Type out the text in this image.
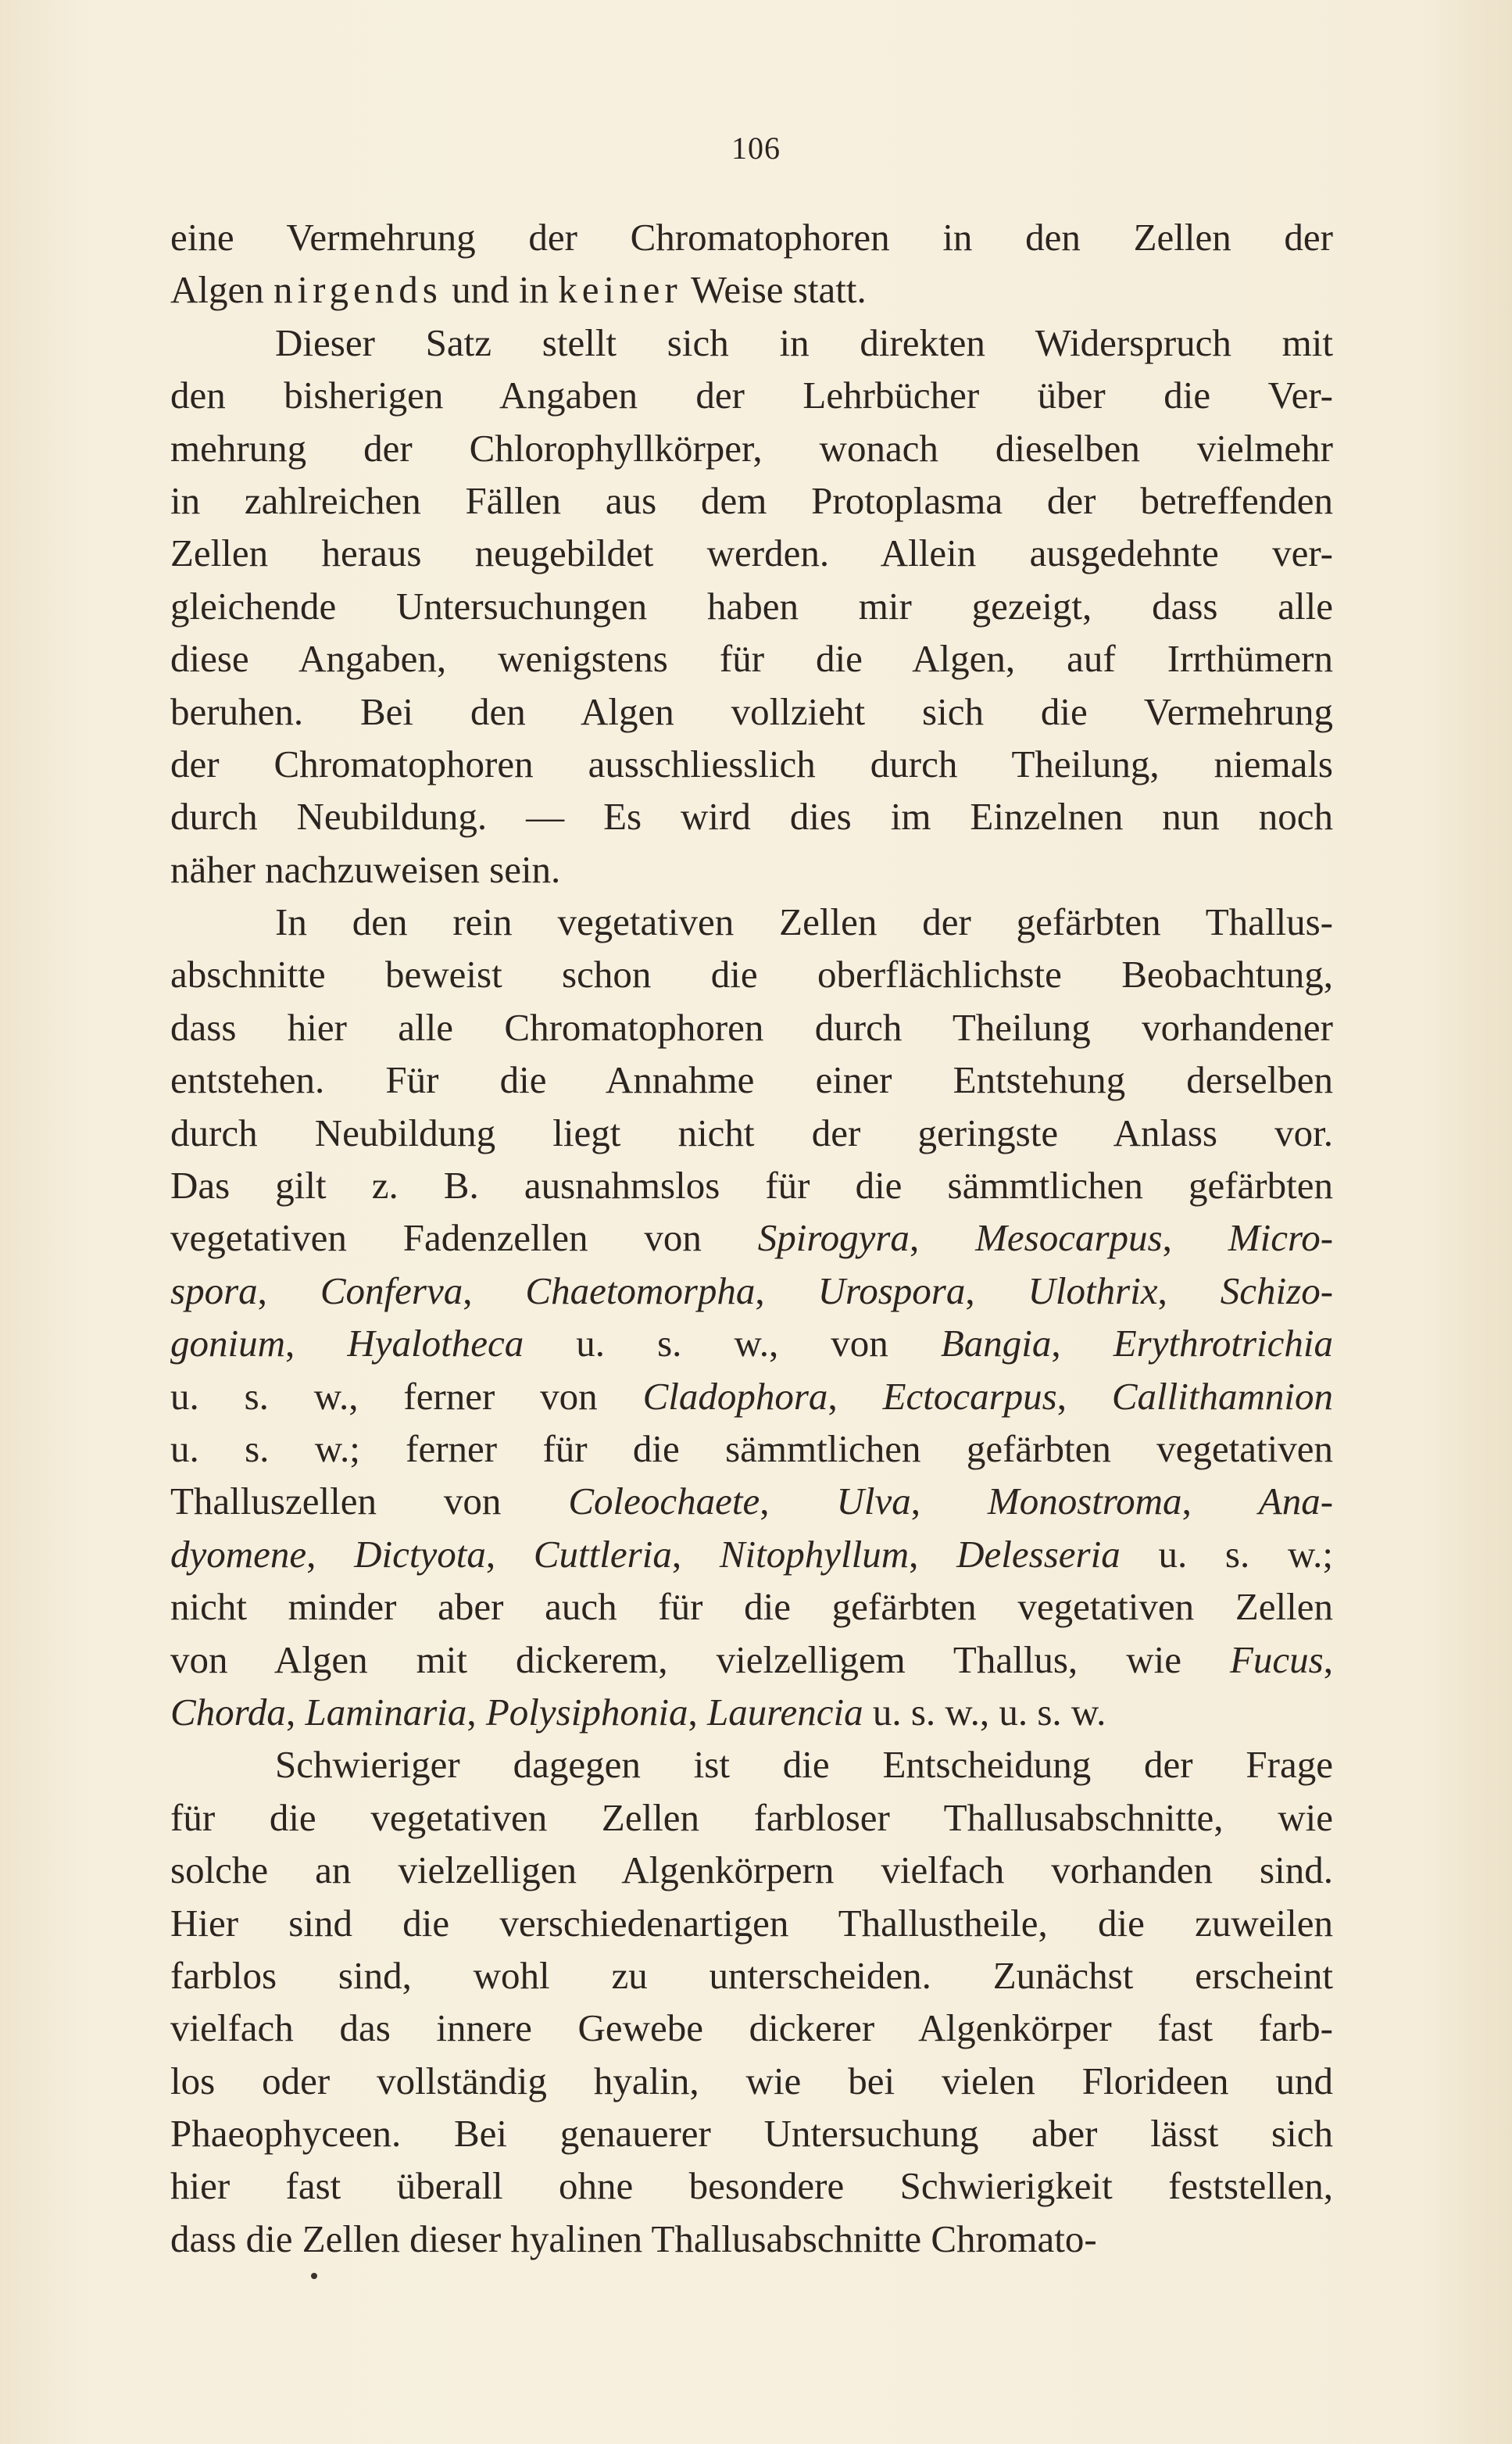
106
eine Vermehrung der Chromatophoren in den Zellen der
Algen nirgends und in keiner Weise statt.
Dieser Satz stellt sich in direkten Widerspruch mit
den bisherigen Angaben der Lehrbücher über die Ver-
mehrung der Chlorophyllkörper, wonach dieselben vielmehr
in zahlreichen Fällen aus dem Protoplasma der betreffenden
Zellen heraus neugebildet werden. Allein ausgedehnte ver-
gleichende Untersuchungen haben mir gezeigt, dass alle
diese Angaben, wenigstens für die Algen, auf Irrthümern
beruhen. Bei den Algen vollzieht sich die Vermehrung
der Chromatophoren ausschliesslich durch Theilung, niemals
durch Neubildung. — Es wird dies im Einzelnen nun noch
näher nachzuweisen sein.
In den rein vegetativen Zellen der gefärbten Thallus-
abschnitte beweist schon die oberflächlichste Beobachtung,
dass hier alle Chromatophoren durch Theilung vorhandener
entstehen. Für die Annahme einer Entstehung derselben
durch Neubildung liegt nicht der geringste Anlass vor.
Das gilt z. B. ausnahmslos für die sämmtlichen gefärbten
vegetativen Fadenzellen von Spirogyra, Mesocarpus, Micro-
spora, Conferva, Chaetomorpha, Urospora, Ulothrix, Schizo-
gonium, Hyalotheca u. s. w., von Bangia, Erythrotrichia
u. s. w., ferner von Cladophora, Ectocarpus, Callithamnion
u. s. w.; ferner für die sämmtlichen gefärbten vegetativen
Thalluszellen von Coleochaete, Ulva, Monostroma, Ana-
dyomene, Dictyota, Cuttleria, Nitophyllum, Delesseria u. s. w.;
nicht minder aber auch für die gefärbten vegetativen Zellen
von Algen mit dickerem, vielzelligem Thallus, wie Fucus,
Chorda, Laminaria, Polysiphonia, Laurencia u. s. w., u. s. w.
Schwieriger dagegen ist die Entscheidung der Frage
für die vegetativen Zellen farbloser Thallusabschnitte, wie
solche an vielzelligen Algenkörpern vielfach vorhanden sind.
Hier sind die verschiedenartigen Thallustheile, die zuweilen
farblos sind, wohl zu unterscheiden. Zunächst erscheint
vielfach das innere Gewebe dickerer Algenkörper fast farb-
los oder vollständig hyalin, wie bei vielen Florideen und
Phaeophyceen. Bei genauerer Untersuchung aber lässt sich
hier fast überall ohne besondere Schwierigkeit feststellen,
dass die Zellen dieser hyalinen Thallusabschnitte Chromato-
